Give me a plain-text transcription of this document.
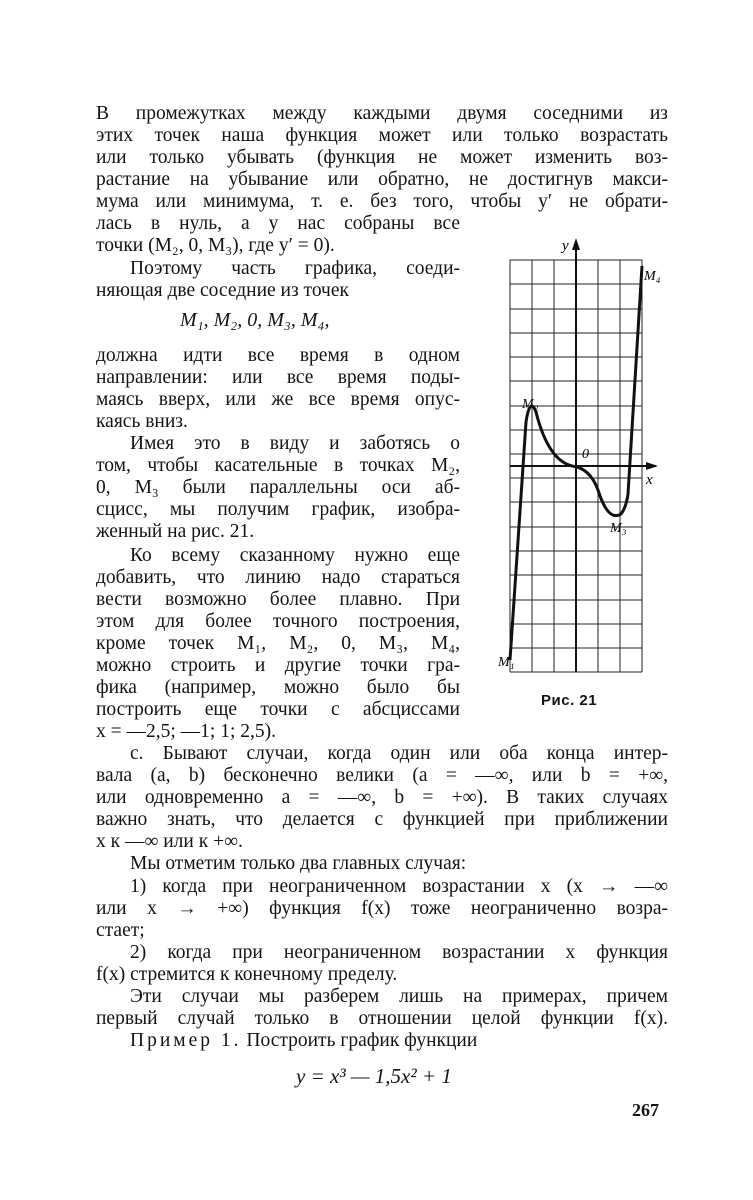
В промежутках между каждыми двумя соседними из
этих точек наша функция может или только возрастать
или только убывать (функция не может изменить воз-
растание на убывание или обратно, не достигнув макси-
мума или минимума, т. е. без того, чтобы y′ не обрати-
лась в нуль, а у нас собраны все
точки (M₂, 0, M₃), где y′ = 0).
Поэтому часть графика, соеди-
няющая две соседние из точек
M₁, M₂, 0, M₃, M₄,
должна идти все время в одном
направлении: или все время поды-
маясь вверх, или же все время опус-
каясь вниз.
Имея это в виду и заботясь о
том, чтобы касательные в точках M₂,
0, M₃ были параллельны оси аб-
сцисс, мы получим график, изобра-
женный на рис. 21.
Ко всему сказанному нужно еще
добавить, что линию надо стараться
вести возможно более плавно. При
этом для более точного построения,
кроме точек M₁, M₂, 0, M₃, M₄,
можно строить и другие точки гра-
фика (например, можно было бы
построить еще точки с абсциссами
x = —2,5; —1; 1; 2,5).
M₁
M₂
0
M₃
M₄
y
x
Рис. 21
с. Бывают случаи, когда один или оба конца интер-
вала (a, b) бесконечно велики (a = —∞, или b = +∞,
или одновременно a = —∞, b = +∞). В таких случаях
важно знать, что делается с функцией при приближении
x к —∞ или к +∞.
Мы отметим только два главных случая:
1) когда при неограниченном возрастании x (x → —∞
или x → +∞) функция f(x) тоже неограниченно возра-
стает;
2) когда при неограниченном возрастании x функция
f(x) стремится к конечному пределу.
Эти случаи мы разберем лишь на примерах, причем
первый случай только в отношении целой функции f(x).
Пример 1. Построить график функции
y = x³ — 1,5x² + 1
267
